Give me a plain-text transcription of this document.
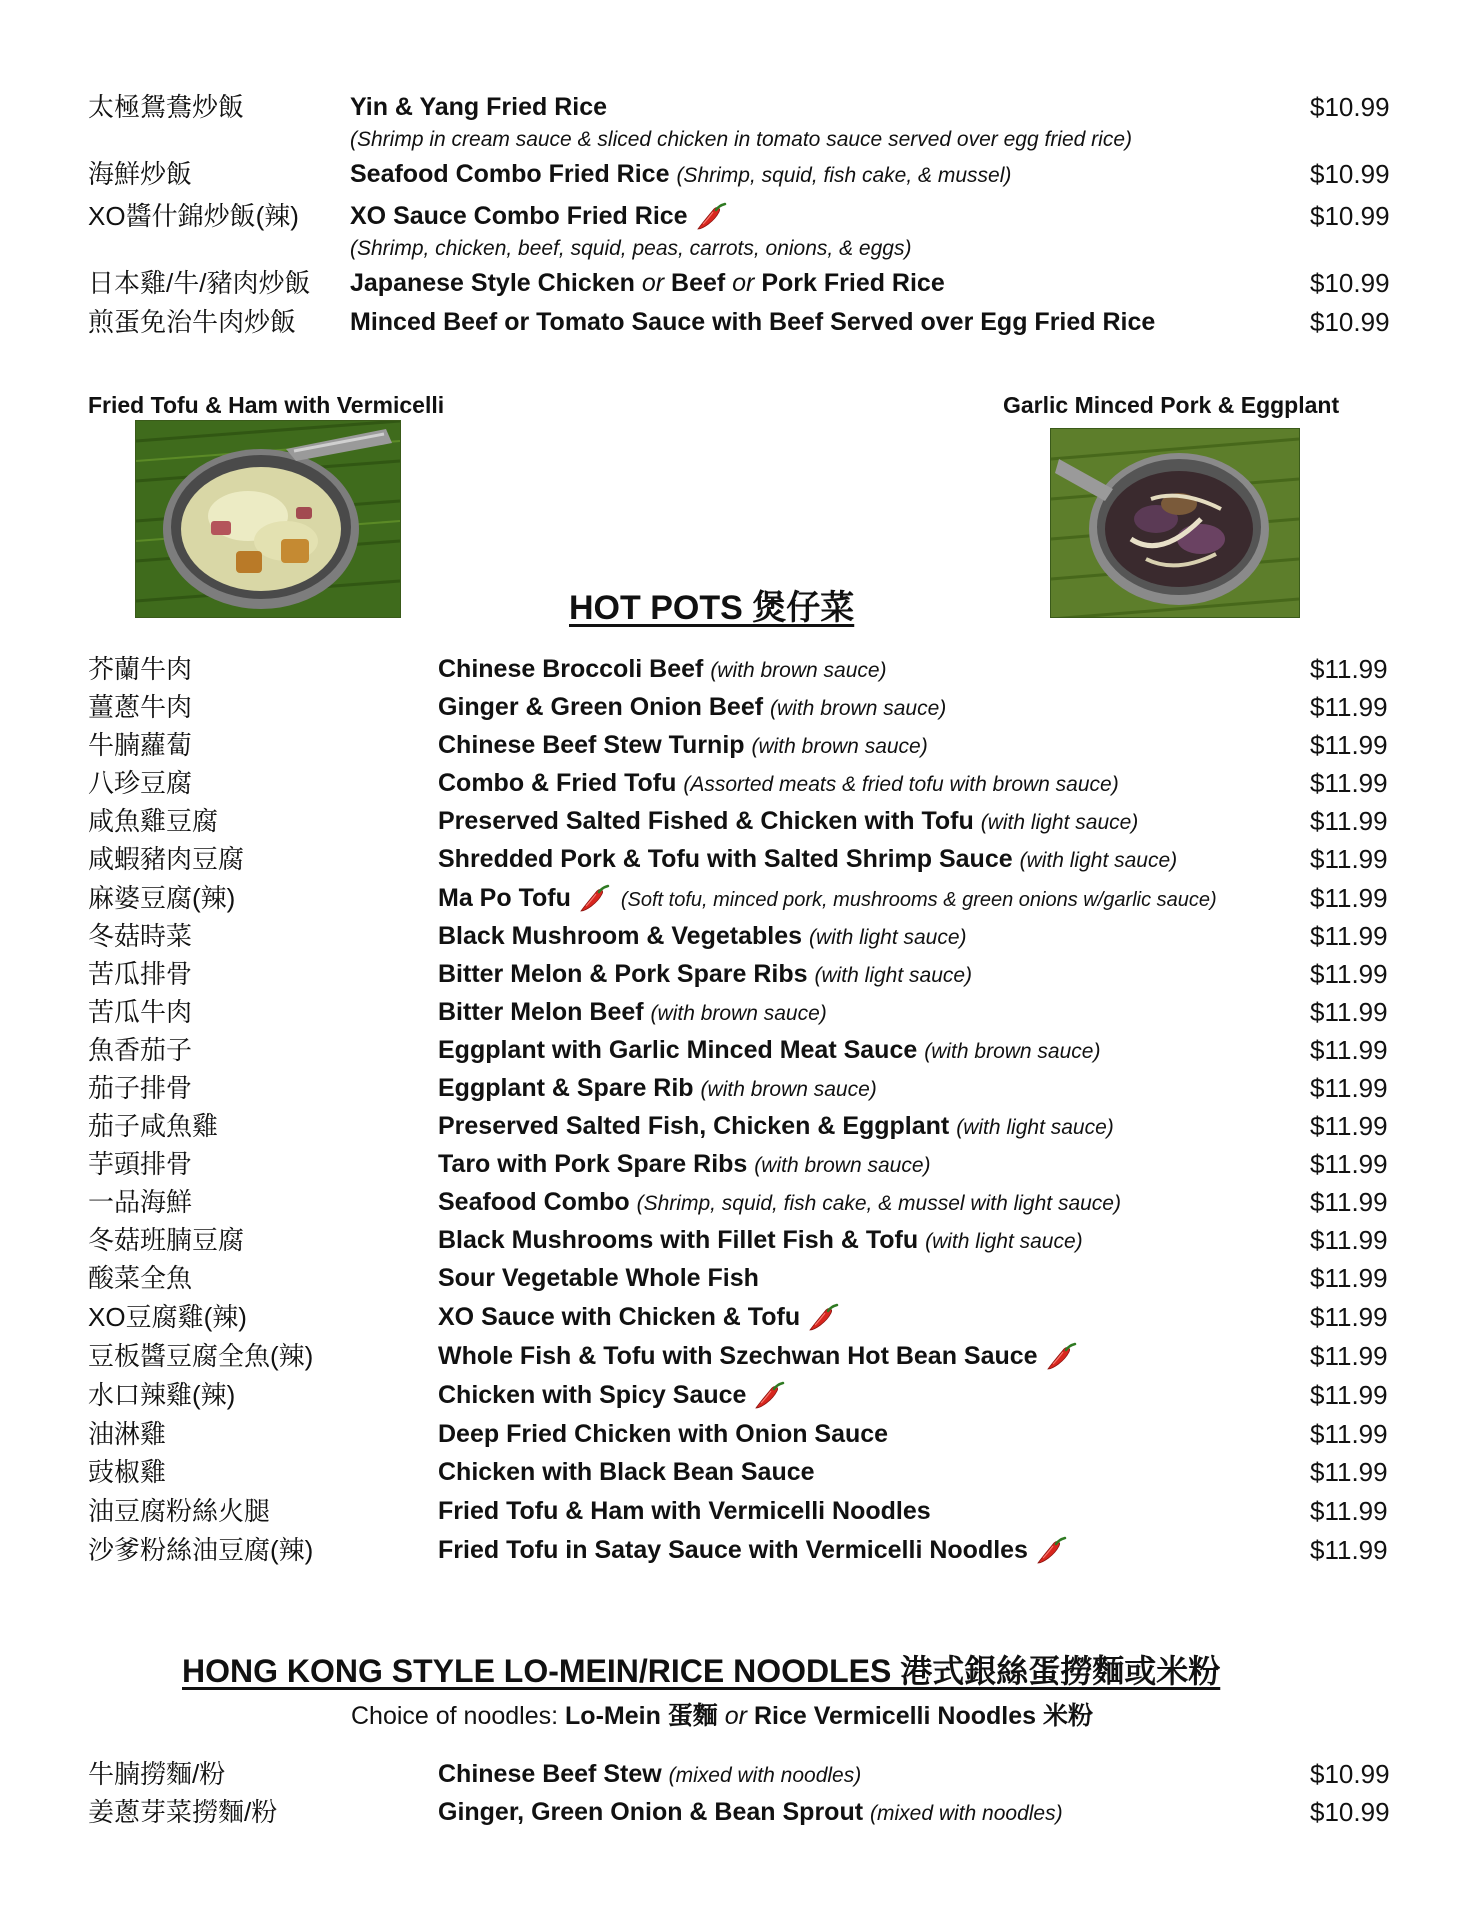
太極鴛鴦炒飯	Yin & Yang Fried Rice	$10.99
(Shrimp in cream sauce & sliced chicken in tomato sauce served over egg fried rice)
海鮮炒飯	Seafood Combo Fried Rice (Shrimp, squid, fish cake, & mussel)	$10.99
XO醬什錦炒飯(辣) XO Sauce Combo Fried Rice	$10.99
(Shrimp, chicken, beef, squid, peas, carrots, onions, & eggs)
日本雞/牛/豬肉炒飯 Japanese Style Chicken or Beef or Pork Fried Rice	$10.99
煎蛋免治牛肉炒飯 Minced Beef or Tomato Sauce with Beef Served over Egg Fried Rice	$10.99
Fried Tofu & Ham with Vermicelli	Garlic Minced Pork & Eggplant
HOT POTS 煲仔菜
芥蘭牛肉	Chinese Broccoli Beef (with brown sauce)	$11.99
薑蔥牛肉	Ginger & Green Onion Beef (with brown sauce)	$11.99
牛腩蘿蔔	Chinese Beef Stew Turnip (with brown sauce)	$11.99
八珍豆腐	Combo & Fried Tofu (Assorted meats & fried tofu with brown sauce)	$11.99
咸魚雞豆腐	Preserved Salted Fished & Chicken with Tofu (with light sauce)	$11.99
咸蝦豬肉豆腐	Shredded Pork & Tofu with Salted Shrimp Sauce (with light sauce)	$11.99
麻婆豆腐(辣)	Ma Po Tofu	(Soft tofu, minced pork, mushrooms & green onions w/garlic sauce)	$11.99
冬菇時菜	Black Mushroom & Vegetables (with light sauce)	$11.99
苦瓜排骨	Bitter Melon & Pork Spare Ribs (with light sauce)	$11.99
苦瓜牛肉	Bitter Melon Beef (with brown sauce)	$11.99
魚香茄子	Eggplant with Garlic Minced Meat Sauce (with brown sauce)	$11.99
茄子排骨	Eggplant & Spare Rib (with brown sauce)	$11.99
茄子咸魚雞	Preserved Salted Fish, Chicken & Eggplant (with light sauce)	$11.99
芋頭排骨	Taro with Pork Spare Ribs (with brown sauce)	$11.99
一品海鮮	Seafood Combo (Shrimp, squid, fish cake, & mussel with light sauce)	$11.99
冬菇班腩豆腐	Black Mushrooms with Fillet Fish & Tofu (with light sauce)	$11.99
酸菜全魚	Sour Vegetable Whole Fish	$11.99
XO豆腐雞(辣)	XO Sauce with Chicken & Tofu	$11.99
豆板醬豆腐全魚(辣)	Whole Fish & Tofu with Szechwan Hot Bean Sauce	$11.99
水口辣雞(辣)	Chicken with Spicy Sauce	$11.99
油淋雞	Deep Fried Chicken with Onion Sauce	$11.99
豉椒雞	Chicken with Black Bean Sauce	$11.99
油豆腐粉絲火腿	Fried Tofu & Ham with Vermicelli Noodles	$11.99
沙爹粉絲油豆腐(辣)	Fried Tofu in Satay Sauce with Vermicelli Noodles	$11.99
HONG KONG STYLE LO-MEIN/RICE NOODLES 港式銀絲蛋撈麵或米粉
Choice of noodles: Lo-Mein 蛋麵 or Rice Vermicelli Noodles 米粉
牛腩撈麵/粉	Chinese Beef Stew (mixed with noodles)	$10.99
姜蔥芽菜撈麵/粉	Ginger, Green Onion & Bean Sprout (mixed with noodles)	$10.99
